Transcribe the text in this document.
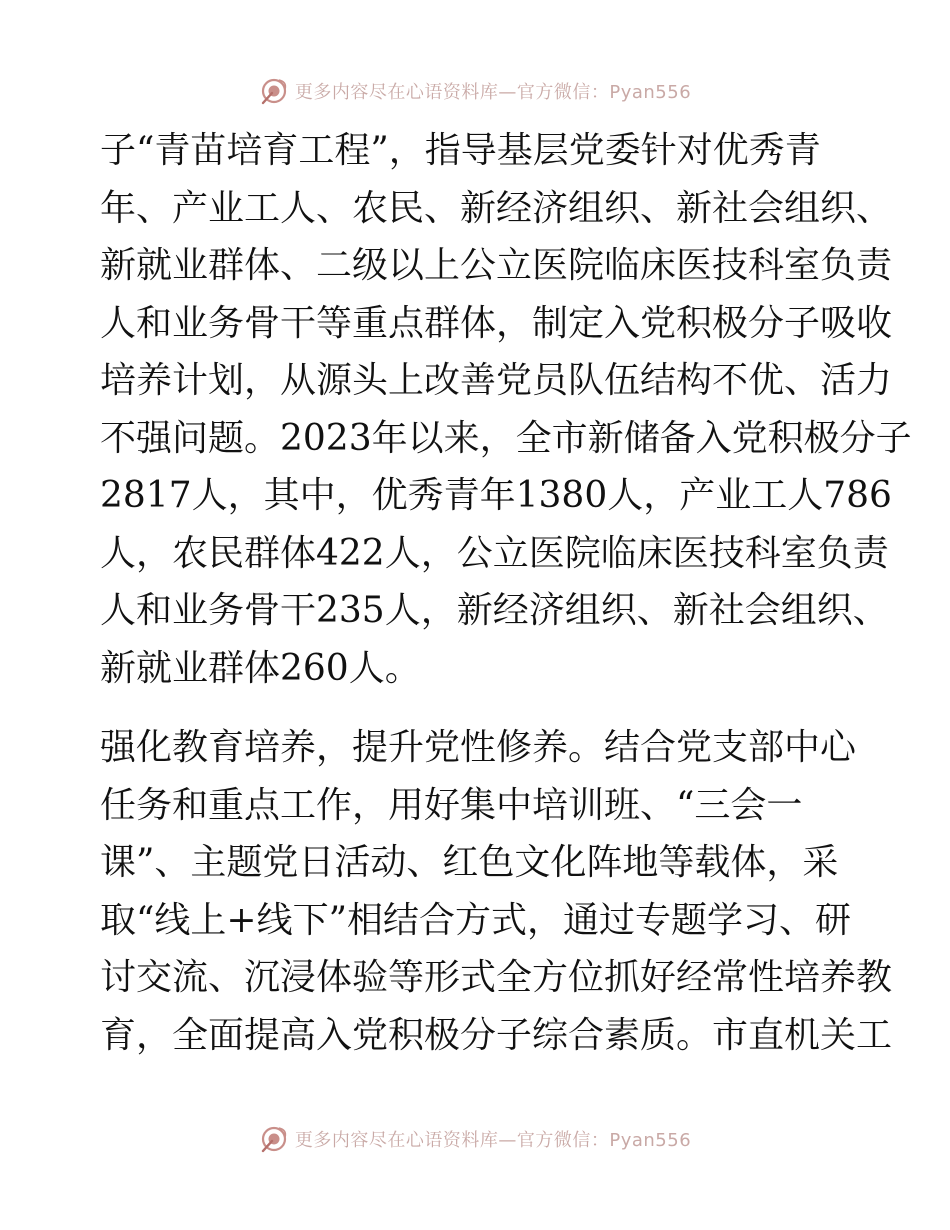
更多内容尽在心语资料库—官方微信：Pyan556
子“青苗培育工程”，指导基层党委针对优秀青
年、产业工人、农民、新经济组织、新社会组织、
新就业群体、二级以上公立医院临床医技科室负责
人和业务骨干等重点群体，制定入党积极分子吸收
培养计划，从源头上改善党员队伍结构不优、活力
不强问题。2023年以来，全市新储备入党积极分子
2817人，其中，优秀青年1380人，产业工人786
人，农民群体422人，公立医院临床医技科室负责
人和业务骨干235人，新经济组织、新社会组织、
新就业群体260人。
强化教育培养，提升党性修养。结合党支部中心
任务和重点工作，用好集中培训班、“三会一
课”、主题党日活动、红色文化阵地等载体，采
取“线上+线下”相结合方式，通过专题学习、研
讨交流、沉浸体验等形式全方位抓好经常性培养教
育，全面提高入党积极分子综合素质。市直机关工
更多内容尽在心语资料库—官方微信：Pyan556
